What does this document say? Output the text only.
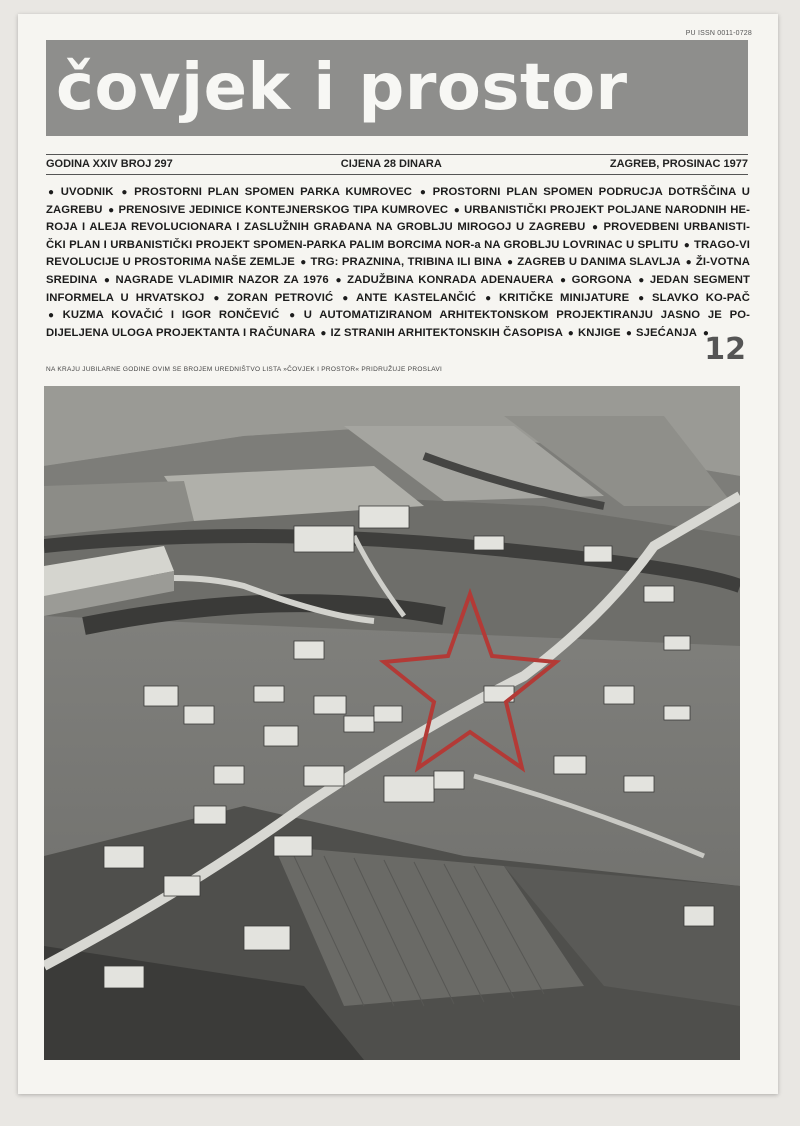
PU ISSN 0011-0728
čovjek i prostor
GODINA XXIV BROJ 297	CIJENA 28 DINARA	ZAGREB, PROSINAC 1977
● UVODNIK ● PROSTORNI PLAN SPOMEN PARKA KUMROVEC ● PROSTORNI PLAN SPOMEN PODRUCJA DOTRŠČINA U ZAGREBU ● PRENOSIVE JEDINICE KONTEJNERSKOG TIPA KUMROVEC ● URBANISTIČKI PROJEKT POLJANE NARODNIH HE-ROJA I ALEJA REVOLUCIONARA I ZASLUŽNIH GRAĐANA NA GROBLJU MIROGOJ U ZAGREBU ● PROVEDBENI URBANISTI-ČKI PLAN I URBANISTIČKI PROJEKT SPOMEN-PARKA PALIM BORCIMA NOR-a NA GROBLJU LOVRINAC U SPLITU ● TRAGO-VI REVOLUCIJE U PROSTORIMA NAŠE ZEMLJE ● TRG: PRAZNINA, TRIBINA ILI BINA ● ZAGREB U DANIMA SLAVLJA ● ŽI-VOTNA SREDINA ● NAGRADE VLADIMIR NAZOR ZA 1976 ● ZADUŽBINA KONRADA ADENAUERA ● GORGONA ● JEDAN SEGMENT INFORMELA U HRVATSKOJ ● ZORAN PETROVIĆ ● ANTE KASTELANČIĆ ● KRITIČKE MINIJATURE ● SLAVKO KO-PAČ ● KUZMA KOVAČIĆ I IGOR RONČEVIĆ ● U AUTOMATIZIRANOM ARHITEKTONSKOM PROJEKTIRANJU JASNO JE PO-DIJELJENA ULOGA PROJEKTANTA I RAČUNARA ● IZ STRANIH ARHITEKTONSKIH ČASOPISA ● KNJIGE ● SJEĆANJA ● 12
NA KRAJU JUBILARNE GODINE OVIM SE BROJEM UREDNIŠTVO LISTA »ČOVJEK I PROSTOR« PRIDRUŽUJE PROSLAVI
